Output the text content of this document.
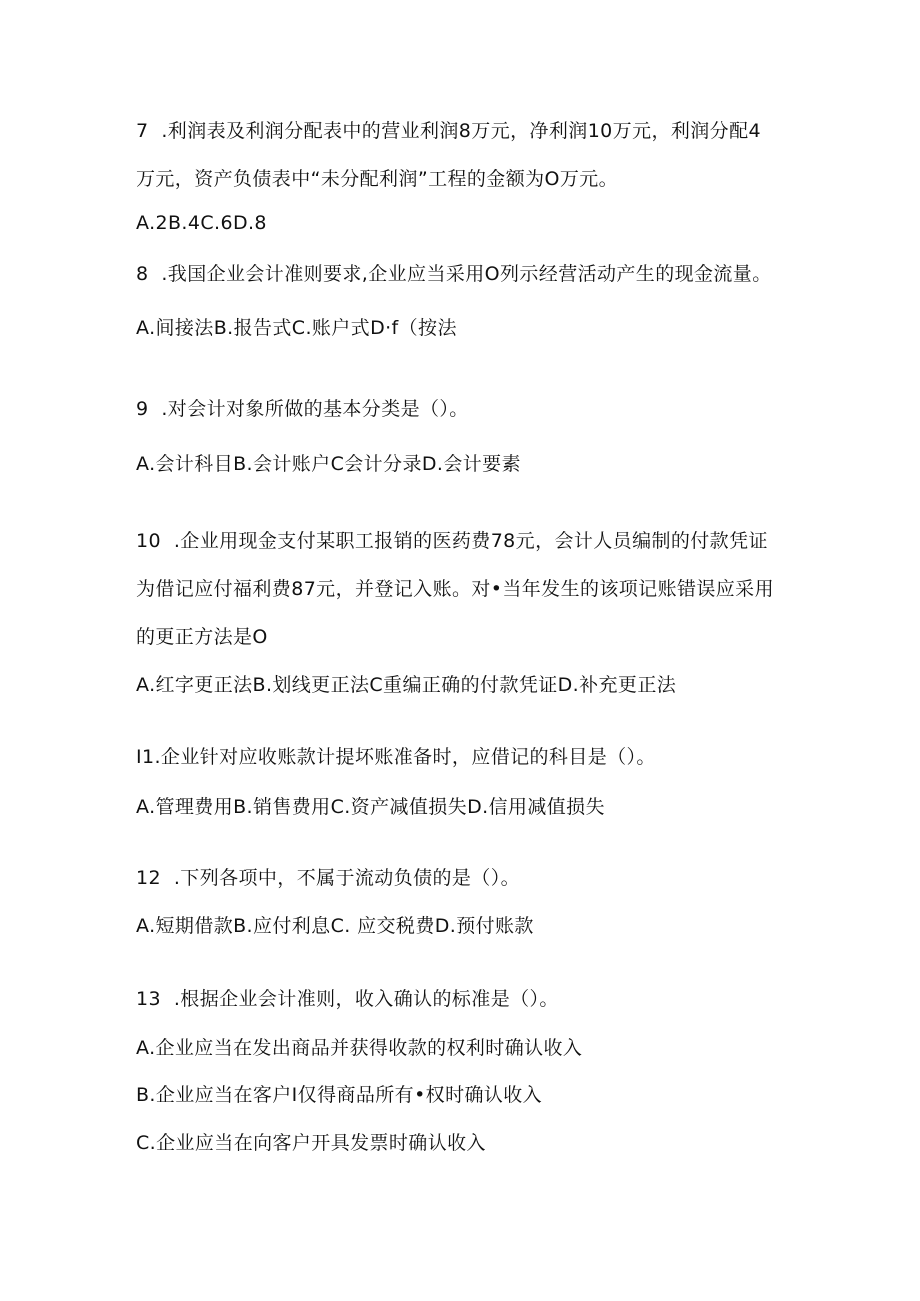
7  .利润表及利润分配表中的营业利润8万元，净利润10万元，利润分配4
万元，资产负债表中“未分配利润”工程的金额为O万元。
A.2B.4C.6D.8
8  .我国企业会计准则要求,企业应当采用O列示经营活动产生的现金流量。
A.间接法B.报告式C.账户式D·f（按法
9  .对会计对象所做的基本分类是（）。
A.会计科目B.会计账户C会计分录D.会计要素
10  .企业用现金支付某职工报销的医药费78元，会计人员编制的付款凭证
为借记应付福利费87元，并登记入账。对•当年发生的该项记账错误应采用
的更正方法是O
A.红字更正法B.划线更正法C重编正确的付款凭证D.补充更正法
I1.企业针对应收账款计提坏账准备时，应借记的科目是（）。
A.管理费用B.销售费用C.资产减值损失D.信用减值损失
12  .下列各项中，不属于流动负债的是（）。
A.短期借款B.应付利息C. 应交税费D.预付账款
13  .根据企业会计准则，收入确认的标准是（）。
A.企业应当在发出商品并获得收款的权利时确认收入
B.企业应当在客户I仅得商品所有•权时确认收入
C.企业应当在向客户开具发票时确认收入
